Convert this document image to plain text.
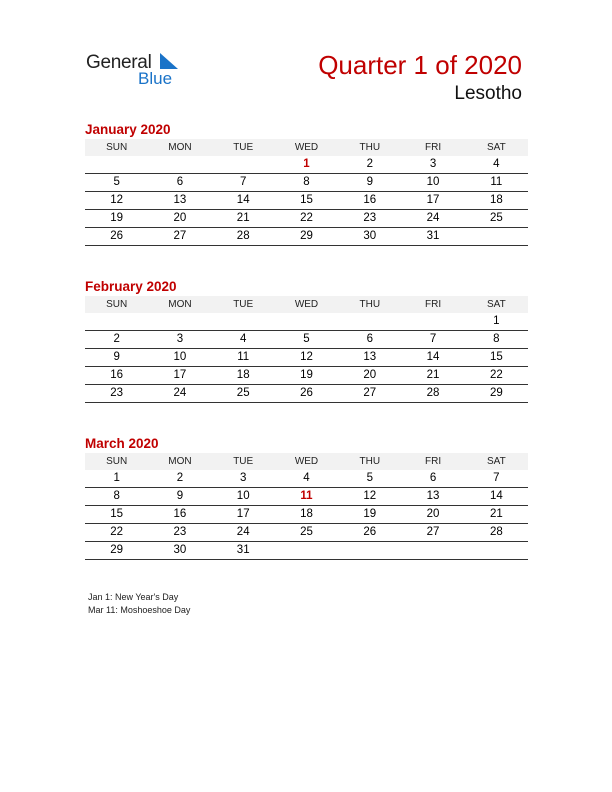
General
Blue	Quarter 1 of 2020
Lesotho
January 2020
SUN	MON	TUE	WED	THU	FRI	SAT
			1	2	3	4
5	6	7	8	9	10	11
12	13	14	15	16	17	18
19	20	21	22	23	24	25
26	27	28	29	30	31	
February 2020
SUN	MON	TUE	WED	THU	FRI	SAT
						1
2	3	4	5	6	7	8
9	10	11	12	13	14	15
16	17	18	19	20	21	22
23	24	25	26	27	28	29
March 2020
SUN	MON	TUE	WED	THU	FRI	SAT
1	2	3	4	5	6	7
8	9	10	11	12	13	14
15	16	17	18	19	20	21
22	23	24	25	26	27	28
29	30	31				
Jan 1: New Year's Day
Mar 11: Moshoeshoe Day
